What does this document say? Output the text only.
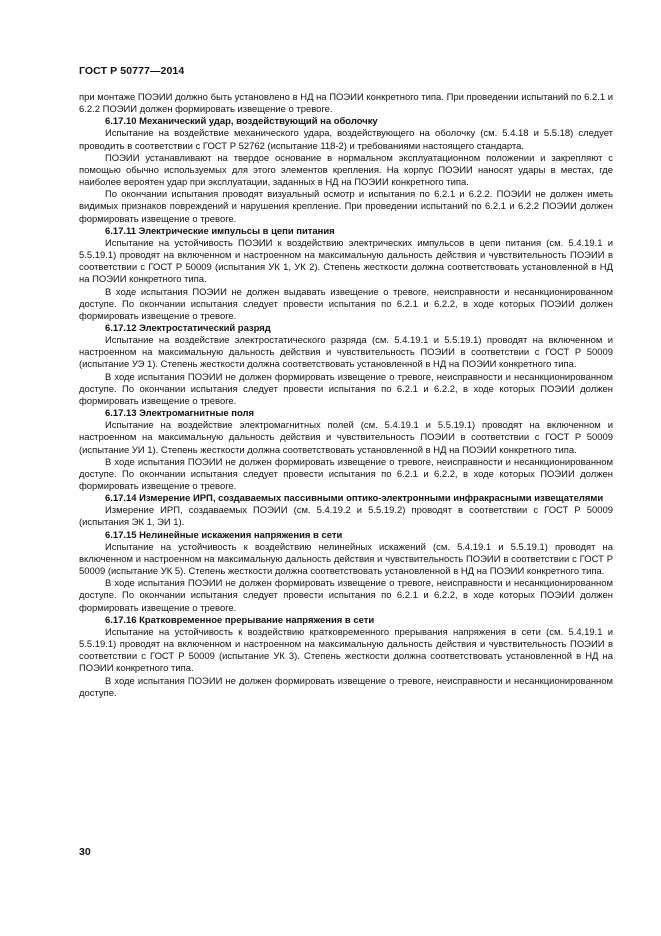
ГОСТ Р 50777—2014

при монтаже ПОЭИИ должно быть установлено в НД на ПОЭИИ конкретного типа. При проведении испытаний по 6.2.1 и 6.2.2 ПОЭИИ должен формировать извещение о тревоге.

6.17.10 Механический удар, воздействующий на оболочку

Испытание на воздействие механического удара, воздействующего на оболочку (см. 5.4.18 и 5.5.18) следует проводить в соответствии с ГОСТ Р 52762 (испытание 118-2) и требованиями настоящего стандарта.

ПОЭИИ устанавливают на твердое основание в нормальном эксплуатационном положении и закрепляют с помощью обычно используемых для этого элементов крепления. На корпус ПОЭИИ наносят удары в местах, где наиболее вероятен удар при эксплуатации, заданных в НД на ПОЭИИ конкретного типа.

По окончании испытания проводят визуальный осмотр и испытания по 6.2.1 и 6.2.2. ПОЭИИ не должен иметь видимых признаков повреждений и нарушения крепление. При проведении испытаний по 6.2.1 и 6.2.2 ПОЭИИ должен формировать извещение о тревоге.

6.17.11 Электрические импульсы в цепи питания

Испытание на устойчивость ПОЭИИ к воздействию электрических импульсов в цепи питания (см. 5.4.19.1 и 5.5.19.1) проводят на включенном и настроенном на максимальную дальность действия и чувствительность ПОЭИИ в соответствии с ГОСТ Р 50009 (испытания УК 1, УК 2). Степень жесткости должна соответствовать установленной в НД на ПОЭИИ конкретного типа.

В ходе испытания ПОЭИИ не должен выдавать извещение о тревоге, неисправности и несанкционированном доступе. По окончании испытания следует провести испытания по 6.2.1 и 6.2.2, в ходе которых ПОЭИИ должен формировать извещение о тревоге.

6.17.12 Электростатический разряд

Испытание на воздействие электростатического разряда (см. 5.4.19.1 и 5.5.19.1) проводят на включенном и настроенном на максимальную дальность действия и чувствительность ПОЭИИ в соответствии с ГОСТ Р 50009 (испытание УЭ 1). Степень жесткости должна соответствовать установленной в НД на ПОЭИИ конкретного типа.

В ходе испытания ПОЭИИ не должен формировать извещение о тревоге, неисправности и несанкционированном доступе. По окончании испытания следует провести испытания по 6.2.1 и 6.2.2, в ходе которых ПОЭИИ должен формировать извещение о тревоге.

6.17.13 Электромагнитные поля

Испытание на воздействие электромагнитных полей (см. 5.4.19.1 и 5.5.19.1) проводят на включенном и настроенном на максимальную дальность действия и чувствительность ПОЭИИ в соответствии с ГОСТ Р 50009 (испытание УИ 1). Степень жесткости должна соответствовать установленной в НД на ПОЭИИ конкретного типа.

В ходе испытания ПОЭИИ не должен формировать извещение о тревоге, неисправности и несанкционированном доступе. По окончании испытания следует провести испытания по 6.2.1 и 6.2.2, в ходе которых ПОЭИИ должен формировать извещение о тревоге.

6.17.14 Измерение ИРП, создаваемых пассивными оптико-электронными инфракрасными извещателями

Измерение ИРП, создаваемых ПОЭИИ (см. 5.4.19.2 и 5.5.19.2) проводят в соответствии с ГОСТ Р 50009 (испытания ЭК 1, ЭИ 1).

6.17.15 Нелинейные искажения напряжения в сети

Испытание на устойчивость к воздействию нелинейных искажений (см. 5.4.19.1 и 5.5.19.1) проводят на включенном и настроенном на максимальную дальность действия и чувствительность ПОЭИИ в соответствии с ГОСТ Р 50009 (испытание УК 5). Степень жесткости должна соответствовать установленной в НД на ПОЭИИ конкретного типа.

В ходе испытания ПОЭИИ не должен формировать извещение о тревоге, неисправности и несанкционированном доступе. По окончании испытания следует провести испытания по 6.2.1 и 6.2.2, в ходе которых ПОЭИИ должен формировать извещение о тревоге.

6.17.16 Кратковременное прерывание напряжения в сети

Испытание на устойчивость к воздействию кратковременного прерывания напряжения в сети (см. 5.4.19.1 и 5.5.19.1) проводят на включенном и настроенном на максимальную дальность действия и чувствительность ПОЭИИ в соответствии с ГОСТ Р 50009 (испытание УК 3). Степень жесткости должна соответствовать установленной в НД на ПОЭИИ конкретного типа.

В ходе испытания ПОЭИИ не должен формировать извещение о тревоге, неисправности и несанкционированном доступе.

30
